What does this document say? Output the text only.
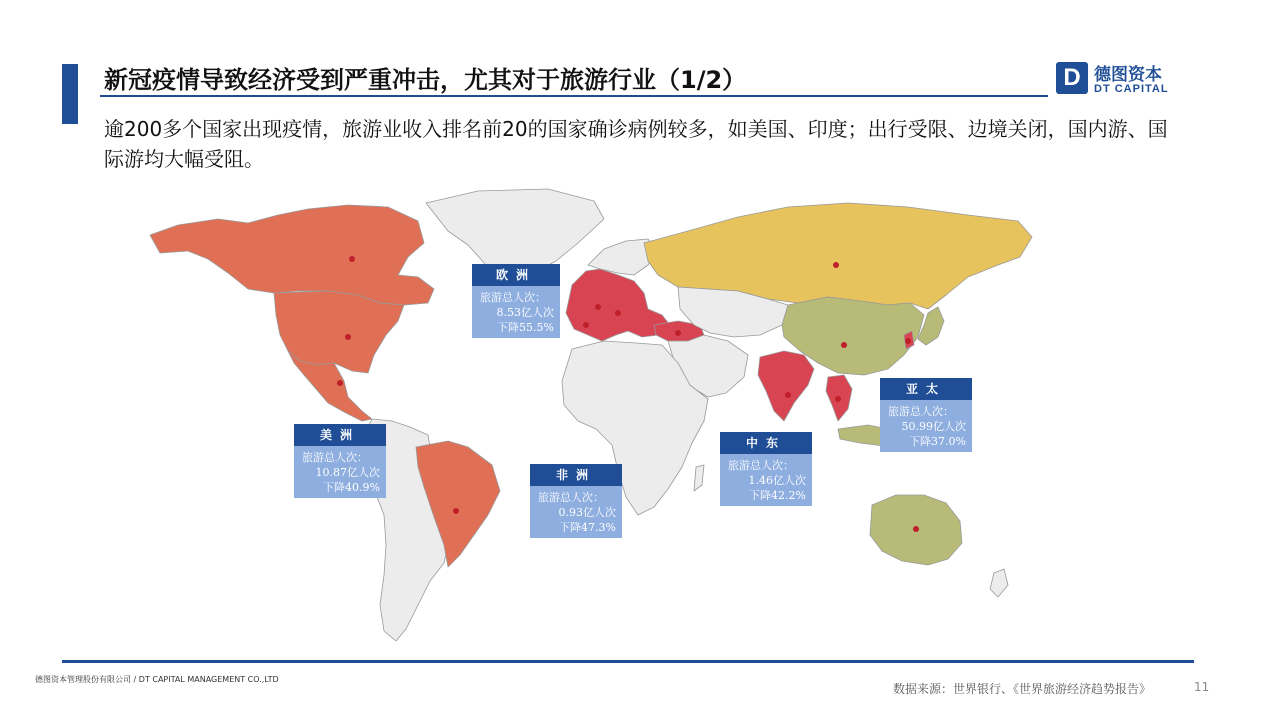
新冠疫情导致经济受到严重冲击，尤其对于旅游行业（1/2）	D 德图资本
DT CAPITAL
逾200多个国家出现疫情，旅游业收入排名前20的国家确诊病例较多，如美国、印度；出行受限、边境关闭，国内游、国际游均大幅受阻。
欧洲
旅游总人次：
8.53亿人次
下降55.5%
美洲
旅游总人次：
10.87亿人次
下降40.9%
非洲
旅游总人次：
0.93亿人次
下降47.3%
中东
旅游总人次：
1.46亿人次
下降42.2%
亚太
旅游总人次：
50.99亿人次
下降37.0%
德图资本管理股份有限公司 / DT CAPITAL MANAGEMENT CO.,LTD
数据来源：世界银行、《世界旅游经济趋势报告》	11
